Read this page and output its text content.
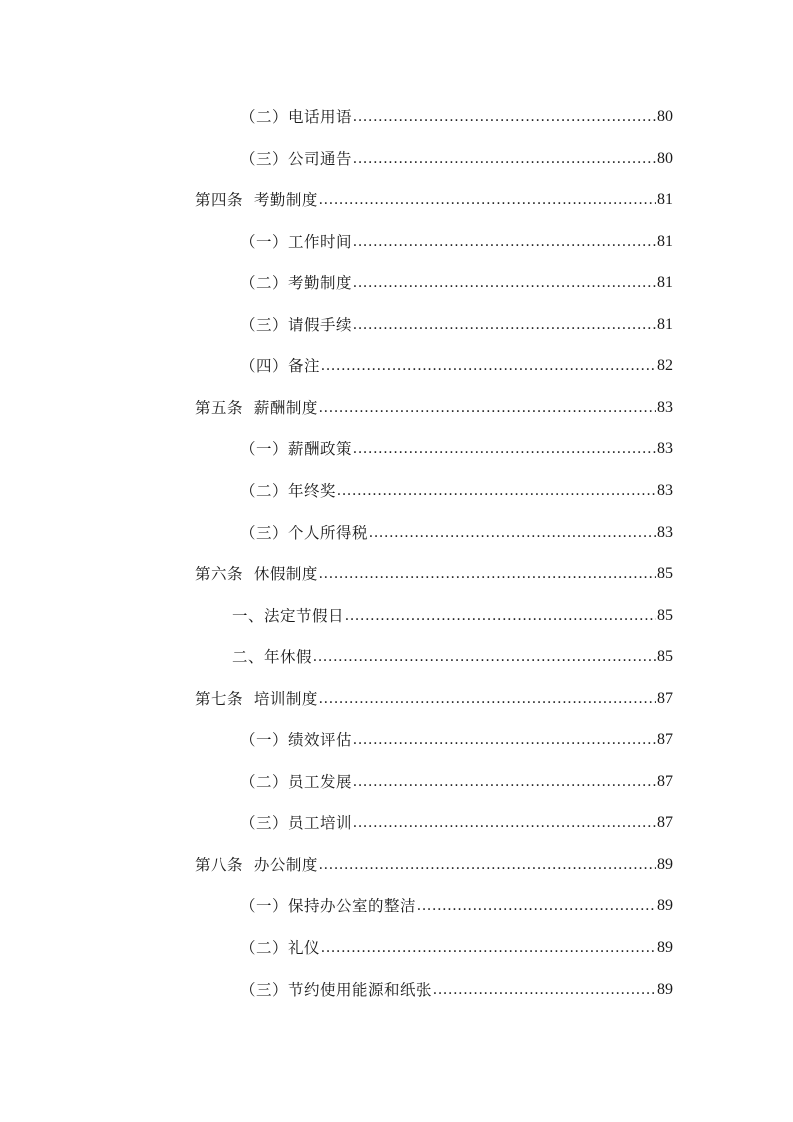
（二）电话用语 .....	80
（三）公司通告 .....	80
第四条  考勤制度 .....	81
（一）工作时间 .....	81
（二）考勤制度 .....	81
（三）请假手续 .....	81
（四）备注 .....	82
第五条  薪酬制度 .....	83
（一）薪酬政策 .....	83
（二）年终奖 .....	83
（三）个人所得税 .....	83
第六条  休假制度 .....	85
一、法定节假日 .....	85
二、年休假 .....	85
第七条  培训制度 .....	87
（一）绩效评估 .....	87
（二）员工发展 .....	87
（三）员工培训 .....	87
第八条  办公制度 .....	89
（一）保持办公室的整洁 .....	89
（二）礼仪 .....	89
（三）节约使用能源和纸张 .....	89
